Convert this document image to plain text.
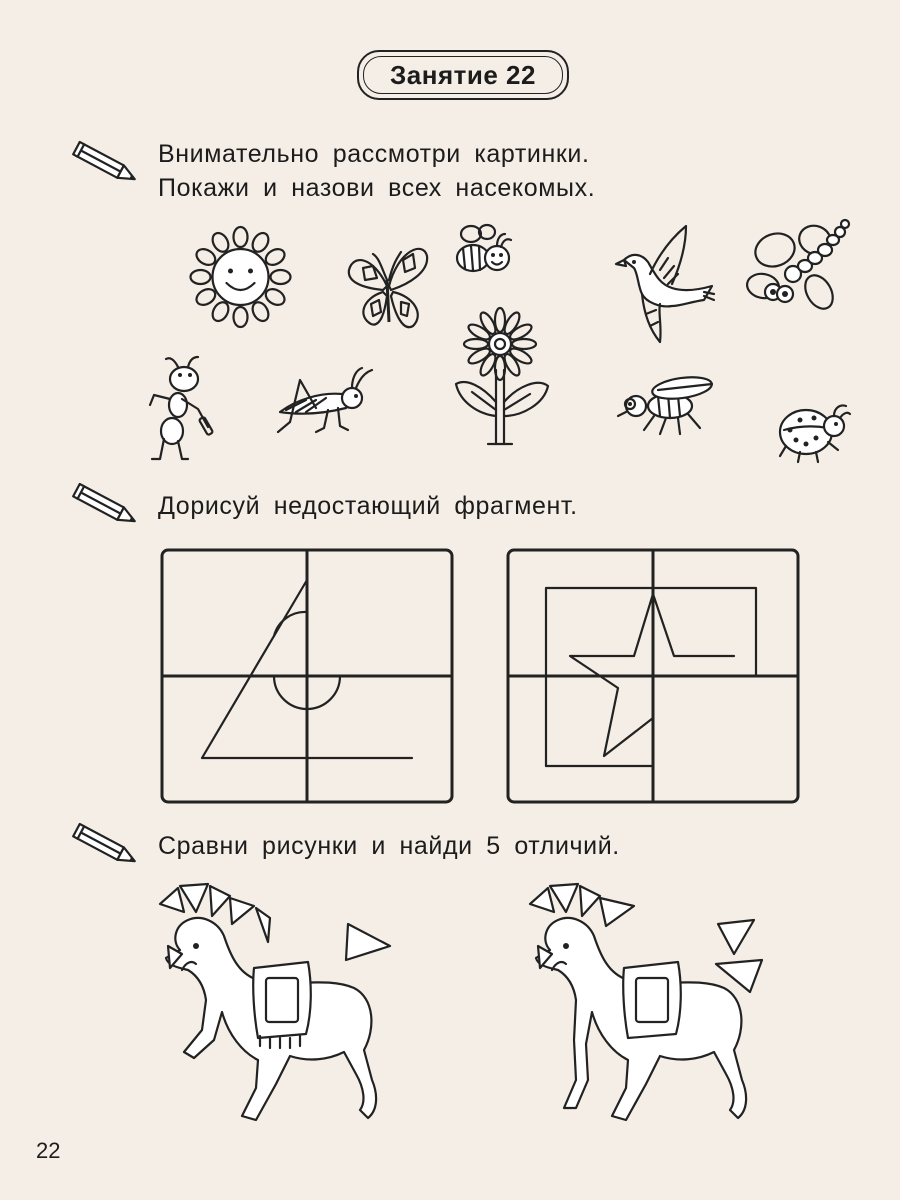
Занятие 22
Внимательно рассмотри картинки.
Покажи и назови всех насекомых.
Дорисуй недостающий фрагмент.
Сравни рисунки и найди 5 отличий.
22
